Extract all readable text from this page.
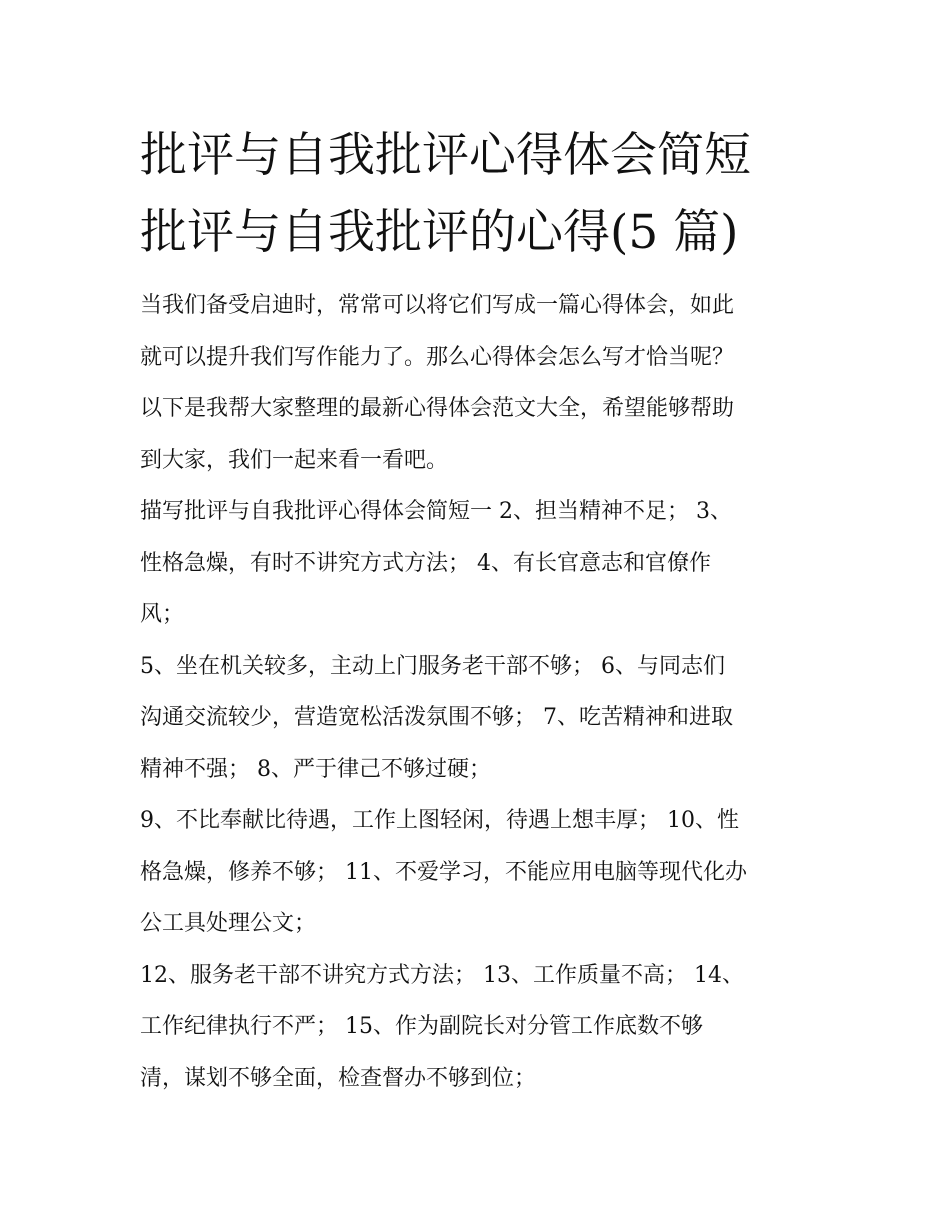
批评与自我批评心得体会简短
批评与自我批评的心得(5 篇)

当我们备受启迪时，常常可以将它们写成一篇心得体会，如此
就可以提升我们写作能力了。那么心得体会怎么写才恰当呢？
以下是我帮大家整理的最新心得体会范文大全，希望能够帮助
到大家，我们一起来看一看吧。

描写批评与自我批评心得体会简短一 2、担当精神不足； 3、
性格急燥，有时不讲究方式方法； 4、有长官意志和官僚作
风；

5、坐在机关较多，主动上门服务老干部不够； 6、与同志们
沟通交流较少，营造宽松活泼氛围不够； 7、吃苦精神和进取
精神不强； 8、严于律己不够过硬；

9、不比奉献比待遇，工作上图轻闲，待遇上想丰厚； 10、性
格急燥，修养不够； 11、不爱学习，不能应用电脑等现代化办
公工具处理公文；

12、服务老干部不讲究方式方法； 13、工作质量不高； 14、
工作纪律执行不严； 15、作为副院长对分管工作底数不够
清，谋划不够全面，检查督办不够到位；
